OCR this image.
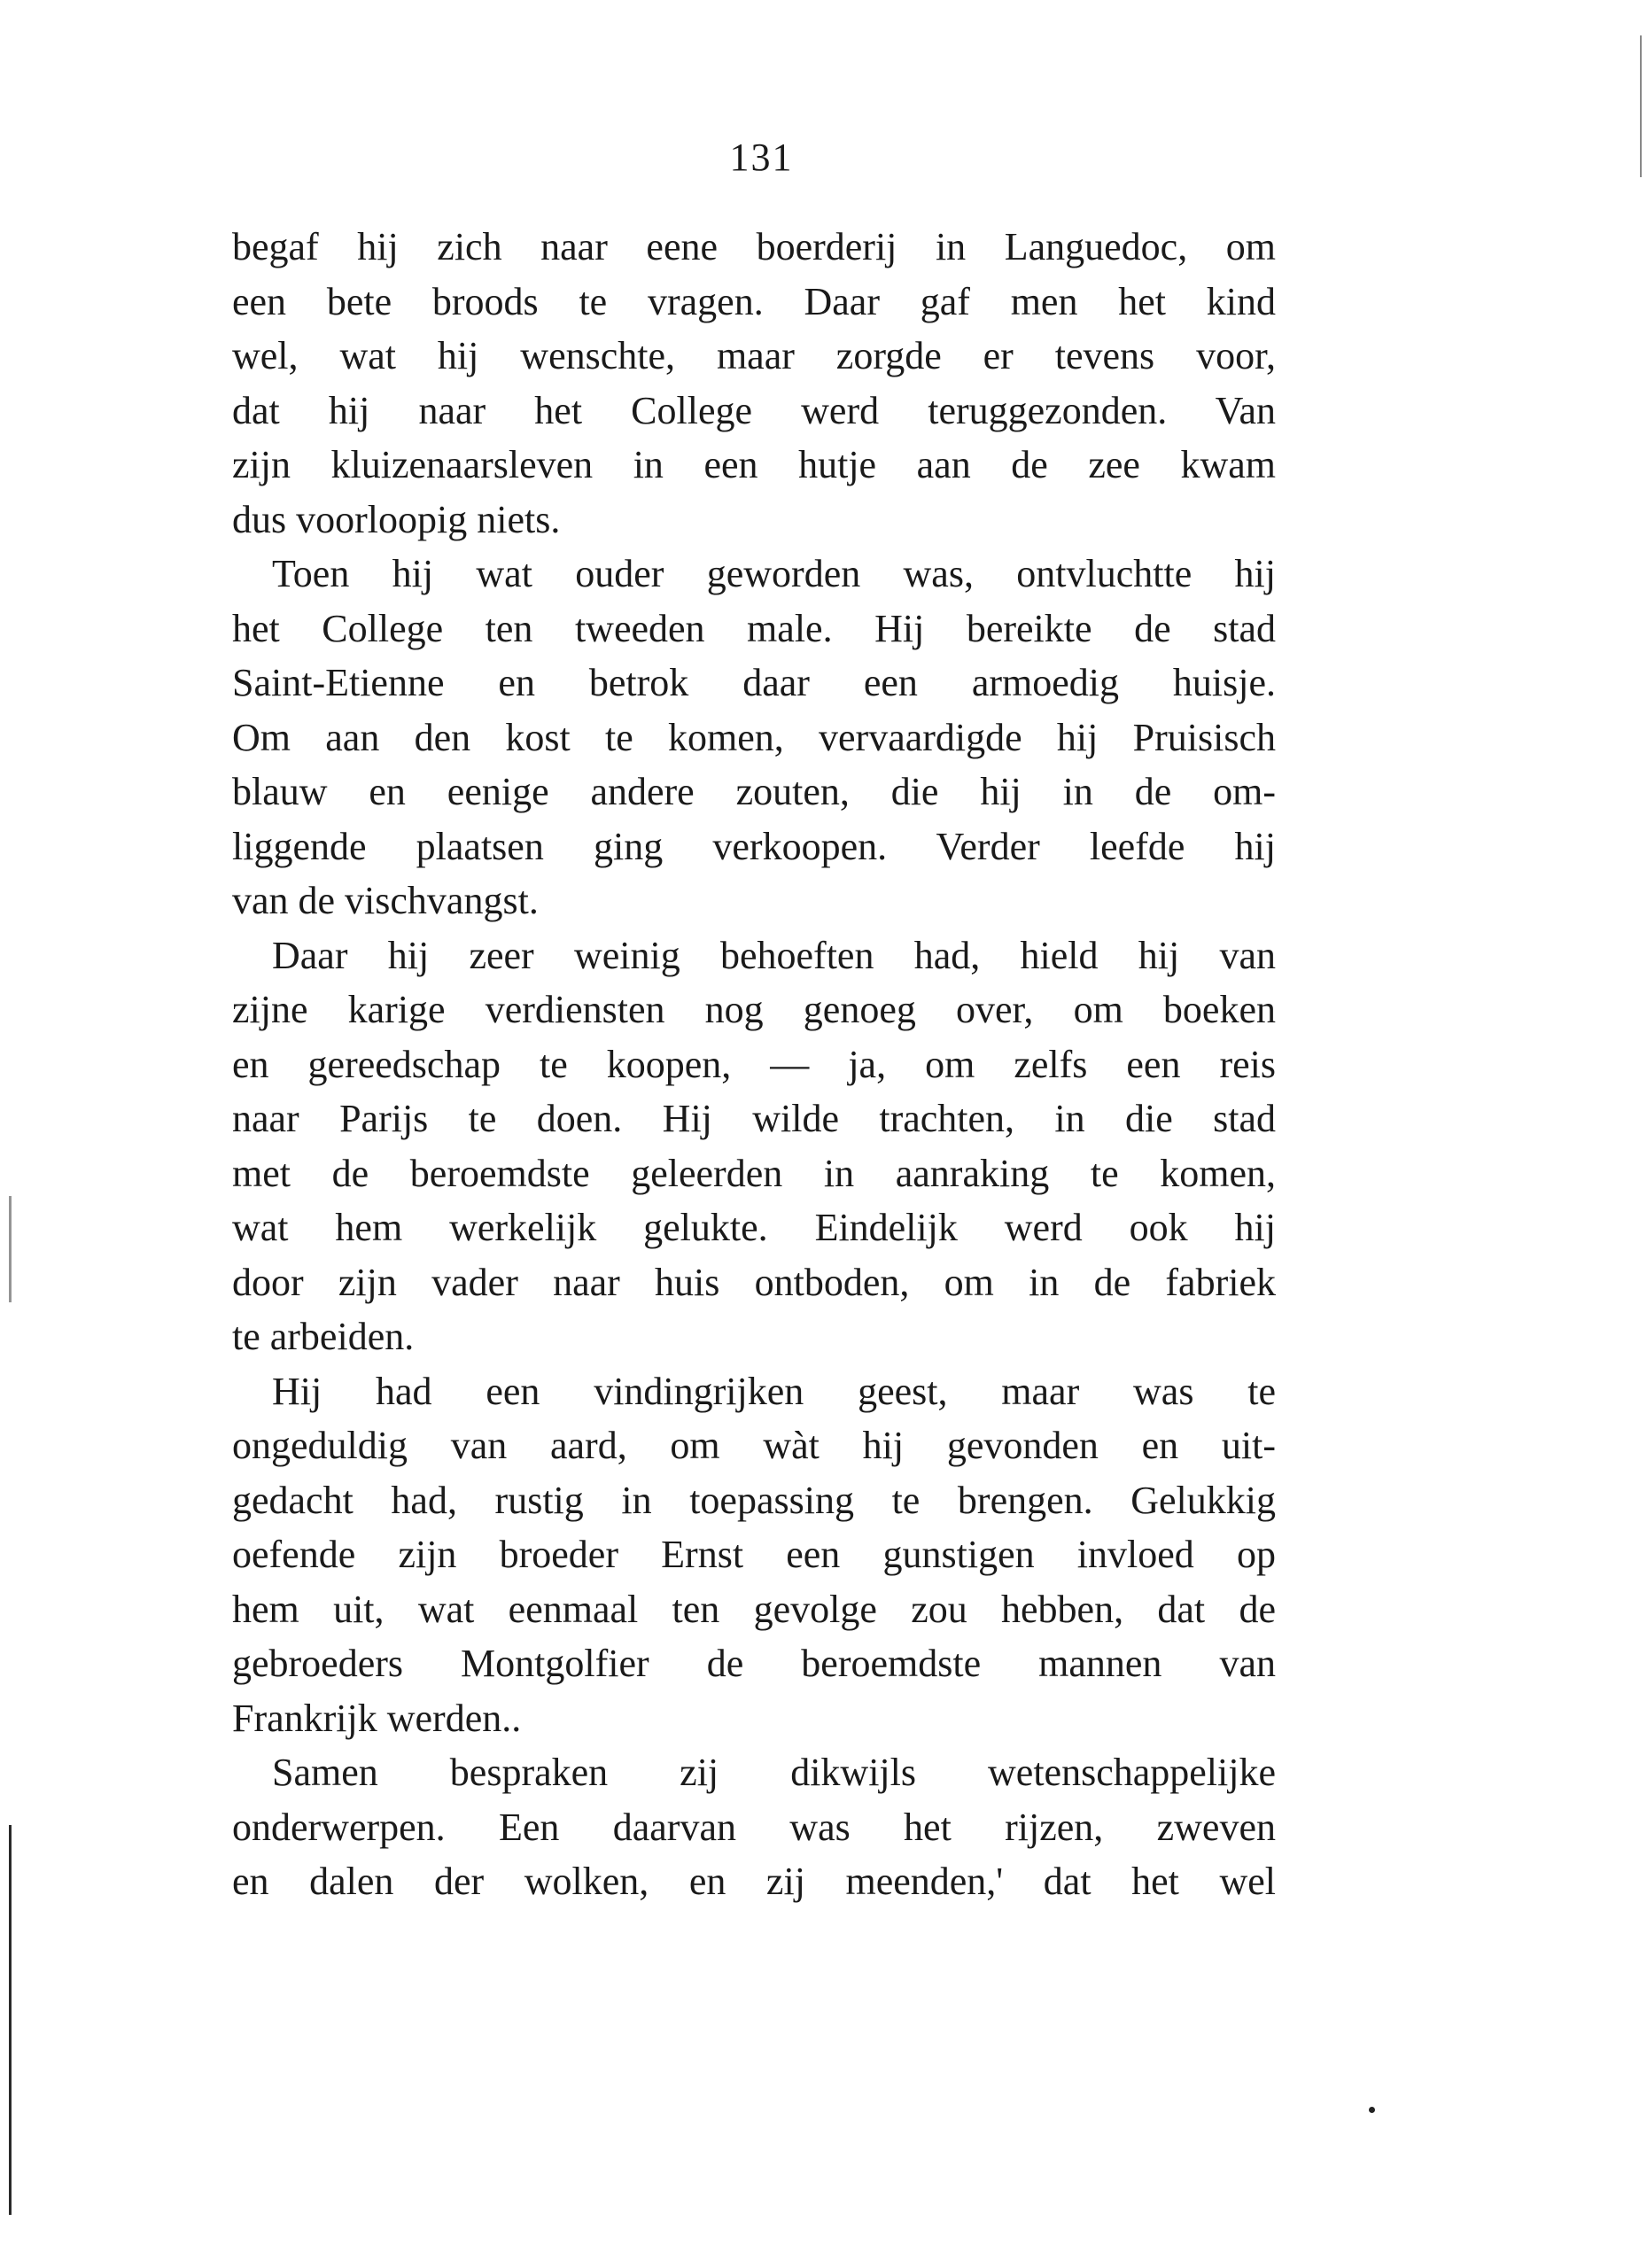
131
begaf hij zich naar eene boerderij in Languedoc, om
een bete broods te vragen. Daar gaf men het kind
wel, wat hij wenschte, maar zorgde er tevens voor,
dat hij naar het College werd teruggezonden. Van
zijn kluizenaarsleven in een hutje aan de zee kwam
dus voorloopig niets.
Toen hij wat ouder geworden was, ontvluchtte hij
het College ten tweeden male. Hij bereikte de stad
Saint-Etienne en betrok daar een armoedig huisje.
Om aan den kost te komen, vervaardigde hij Pruisisch
blauw en eenige andere zouten, die hij in de om-
liggende plaatsen ging verkoopen. Verder leefde hij
van de vischvangst.
Daar hij zeer weinig behoeften had, hield hij van
zijne karige verdiensten nog genoeg over, om boeken
en gereedschap te koopen, — ja, om zelfs een reis
naar Parijs te doen. Hij wilde trachten, in die stad
met de beroemdste geleerden in aanraking te komen,
wat hem werkelijk gelukte. Eindelijk werd ook hij
door zijn vader naar huis ontboden, om in de fabriek
te arbeiden.
Hij had een vindingrijken geest, maar was te
ongeduldig van aard, om wàt hij gevonden en uit-
gedacht had, rustig in toepassing te brengen. Gelukkig
oefende zijn broeder Ernst een gunstigen invloed op
hem uit, wat eenmaal ten gevolge zou hebben, dat de
gebroeders Montgolfier de beroemdste mannen van
Frankrijk werden..
Samen bespraken zij dikwijls wetenschappelijke
onderwerpen. Een daarvan was het rijzen, zweven
en dalen der wolken, en zij meenden,' dat het wel
